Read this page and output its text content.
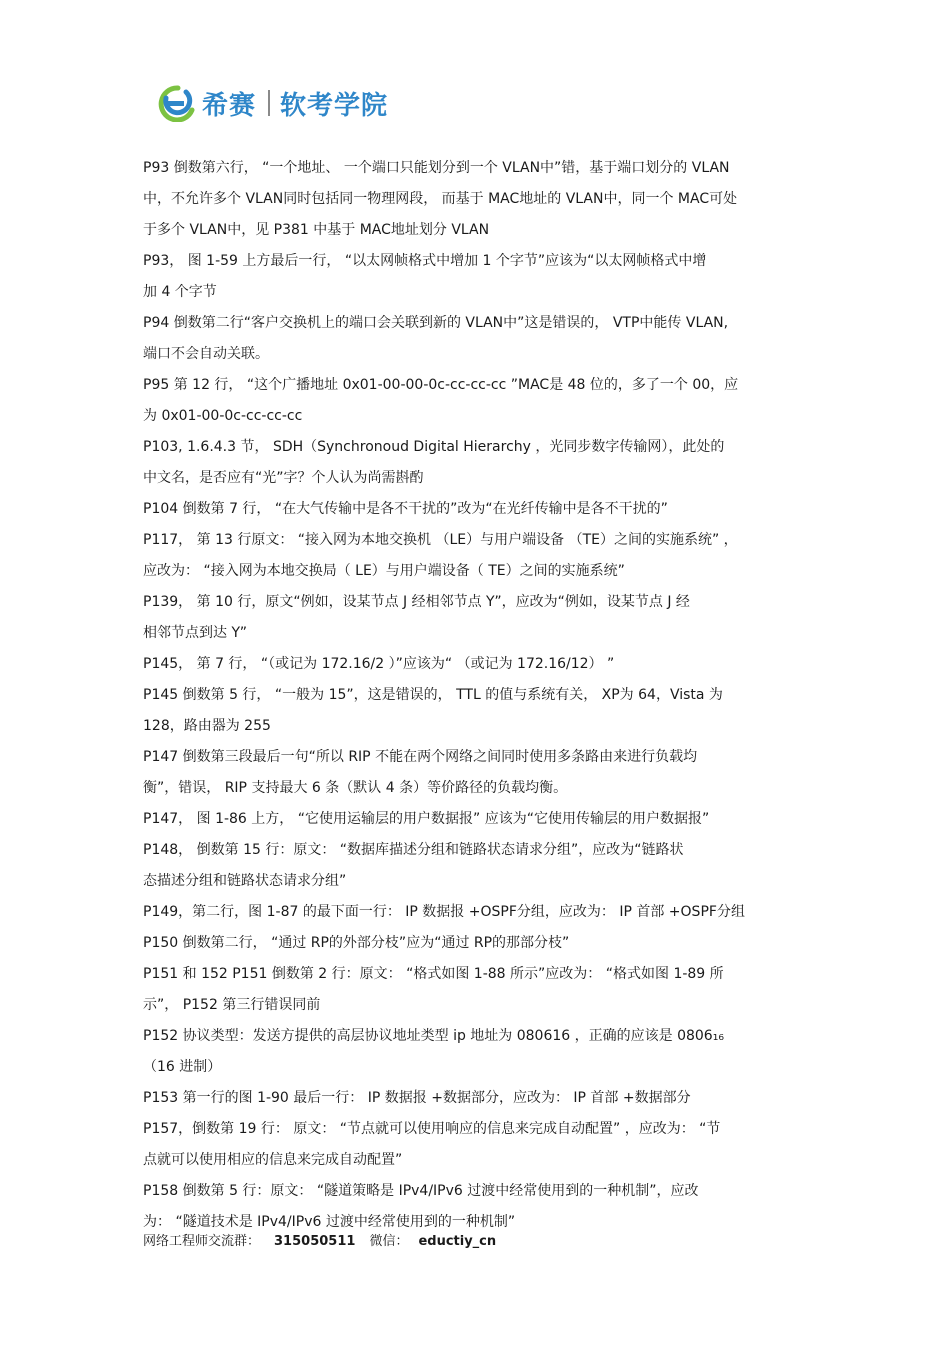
希赛 软考学院
P93 倒数第六行， “一个地址、 一个端口只能划分到一个 VLAN中”错，基于端口划分的 VLAN
中，不允许多个 VLAN同时包括同一物理网段， 而基于 MAC地址的 VLAN中，同一个 MAC可处
于多个 VLAN中，见 P381 中基于 MAC地址划分 VLAN
P93， 图 1-59 上方最后一行， “以太网帧格式中增加 1 个字节”应该为“以太网帧格式中增
加 4 个字节
P94 倒数第二行“客户交换机上的端口会关联到新的 VLAN中”这是错误的， VTP中能传 VLAN,
端口不会自动关联。
P95 第 12 行， “这个广播地址 0x01-00-00-0c-cc-cc-cc ”MAC是 48 位的，多了一个 00，应
为 0x01-00-0c-cc-cc-cc
P103, 1.6.4.3 节， SDH（Synchronoud Digital Hierarchy ，光同步数字传输网），此处的
中文名，是否应有“光”字？个人认为尚需斟酌
P104 倒数第 7 行， “在大气传输中是各不干扰的”改为“在光纤传输中是各不干扰的”
P117， 第 13 行原文： “接入网为本地交换机 （LE）与用户端设备 （TE）之间的实施系统” ，
应改为： “接入网为本地交换局（ LE）与用户端设备（ TE）之间的实施系统”
P139， 第 10 行，原文“例如，设某节点 J 经相邻节点 Y”，应改为“例如，设某节点 J 经
相邻节点到达 Y”
P145， 第 7 行， “（或记为 172.16/2 ）”应该为“ （或记为 172.16/12） ”
P145 倒数第 5 行， “一般为 15”，这是错误的， TTL 的值与系统有关， XP为 64，Vista 为
128，路由器为 255
P147 倒数第三段最后一句“所以 RIP 不能在两个网络之间同时使用多条路由来进行负载均
衡”，错误， RIP 支持最大 6 条（默认 4 条）等价路径的负载均衡。
P147， 图 1-86 上方， “它使用运输层的用户数据报” 应该为“它使用传输层的用户数据报”
P148， 倒数第 15 行：原文： “数据库描述分组和链路状态请求分组”，应改为“链路状
态描述分组和链路状态请求分组”
P149，第二行，图 1-87 的最下面一行： IP 数据报 +OSPF分组，应改为： IP 首部 +OSPF分组
P150 倒数第二行， “通过 RP的外部分枝”应为“通过 RP的那部分枝”
P151 和 152 P151 倒数第 2 行：原文： “格式如图 1-88 所示”应改为： “格式如图 1-89 所
示”， P152 第三行错误同前
P152 协议类型：发送方提供的高层协议地址类型 ip 地址为 080616 ，正确的应该是 0806₁₆
（16 进制）
P153 第一行的图 1-90 最后一行： IP 数据报 +数据部分，应改为： IP 首部 +数据部分
P157，倒数第 19 行： 原文： “节点就可以使用响应的信息来完成自动配置” ，应改为： “节
点就可以使用相应的信息来完成自动配置”
P158 倒数第 5 行：原文： “隧道策略是 IPv4/IPv6 过渡中经常使用到的一种机制”，应改
为： “隧道技术是 IPv4/IPv6 过渡中经常使用到的一种机制”
网络工程师交流群： 315050511 微信： eductiy_cn
